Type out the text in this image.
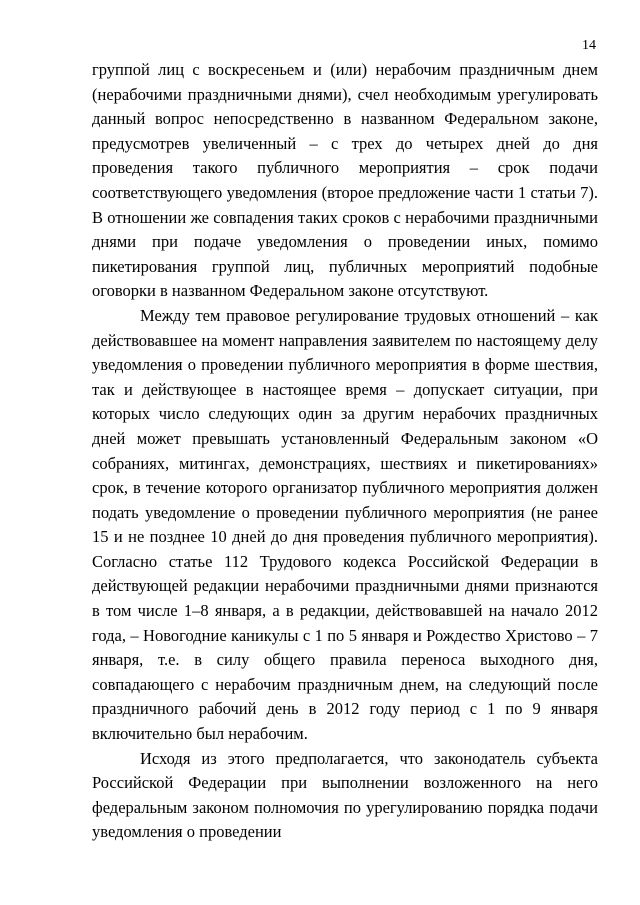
14

группой лиц с воскресеньем и (или) нерабочим праздничным днем (нерабочими праздничными днями), счел необходимым урегулировать данный вопрос непосредственно в названном Федеральном законе, предусмотрев увеличенный – с трех до четырех дней до дня проведения такого публичного мероприятия – срок подачи соответствующего уведомления (второе предложение части 1 статьи 7). В отношении же совпадения таких сроков с нерабочими праздничными днями при подаче уведомления о проведении иных, помимо пикетирования группой лиц, публичных мероприятий подобные оговорки в названном Федеральном законе отсутствуют.

Между тем правовое регулирование трудовых отношений – как действовавшее на момент направления заявителем по настоящему делу уведомления о проведении публичного мероприятия в форме шествия, так и действующее в настоящее время – допускает ситуации, при которых число следующих один за другим нерабочих праздничных дней может превышать установленный Федеральным законом «О собраниях, митингах, демонстрациях, шествиях и пикетированиях» срок, в течение которого организатор публичного мероприятия должен подать уведомление о проведении публичного мероприятия (не ранее 15 и не позднее 10 дней до дня проведения публичного мероприятия). Согласно статье 112 Трудового кодекса Российской Федерации в действующей редакции нерабочими праздничными днями признаются в том числе 1–8 января, а в редакции, действовавшей на начало 2012 года, – Новогодние каникулы с 1 по 5 января и Рождество Христово – 7 января, т.е. в силу общего правила переноса выходного дня, совпадающего с нерабочим праздничным днем, на следующий после праздничного рабочий день в 2012 году период с 1 по 9 января включительно был нерабочим.

Исходя из этого предполагается, что законодатель субъекта Российской Федерации при выполнении возложенного на него федеральным законом полномочия по урегулированию порядка подачи уведомления о проведении
